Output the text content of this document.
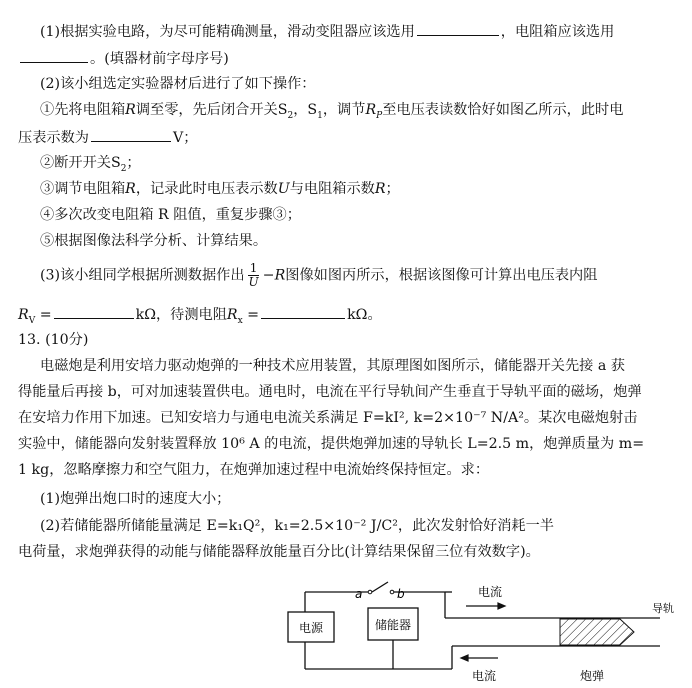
(1)根据实验电路，为尽可能精确测量，滑动变阻器应该选用	，电阻箱应该选用
。(填器材前字母序号)
(2)该小组选定实验器材后进行了如下操作：
①先将电阻箱R调至零，先后闭合开关$S_2$，$S_1$，调节$R_P$至电压表读数恰好如图乙所示，此时电
压表示数为	V；
②断开开关$S_2$；
③调节电阻箱R，记录此时电压表示数U与电阻箱示数R；
④多次改变电阻箱 R 阻值，重复步骤③；
⑤根据图像法科学分析、计算结果。
(3)该小组同学根据所测数据作出 $\frac{1}{U} -R$图像如图丙所示，根据该图像可计算出电压表内阻
$R_V$ =	kΩ，待测电阻$R_x$ =	kΩ。
13. (10分)
电磁炮是利用安培力驱动炮弹的一种技术应用装置，其原理图如图所示，储能器开关先接 a 获
得能量后再接 b，可对加速装置供电。通电时，电流在平行导轨间产生垂直于导轨平面的磁场，炮弹
在安培力作用下加速。已知安培力与通电电流关系满足 F=kI², k=2×10⁻⁷ N/A²。某次电磁炮射击
实验中，储能器向发射装置释放 10⁶ A 的电流，提供炮弹加速的导轨长 L=2.5 m，炮弹质量为 m=
1 kg，忽略摩擦力和空气阻力，在炮弹加速过程中电流始终保持恒定。求：
(1)炮弹出炮口时的速度大小；
(2)若储能器所储能量满足 E=k₁Q²，k₁=2.5×10⁻² J/C²，此次发射恰好消耗一半
电荷量，求炮弹获得的动能与储能器释放能量百分比(计算结果保留三位有效数字)。
a	b
电源	储能器
电流
电流
导轨
炮弹
